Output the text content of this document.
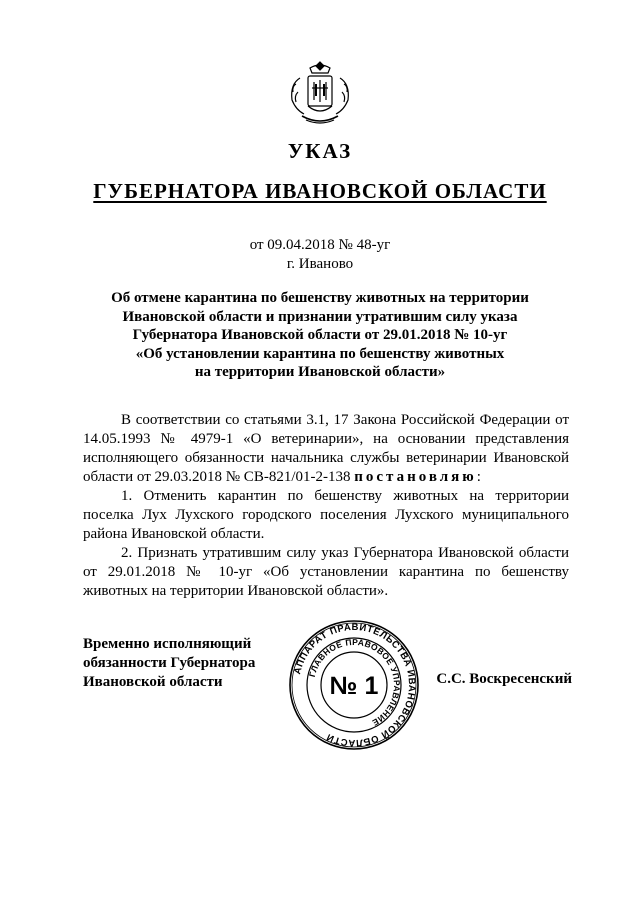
УКАЗ
ГУБЕРНАТОРА ИВАНОВСКОЙ ОБЛАСТИ
от 09.04.2018 № 48-уг
г. Иваново
Об отмене карантина по бешенству животных на территории
Ивановской области и признании утратившим силу указа
Губернатора Ивановской области от 29.01.2018 № 10-уг
«Об установлении карантина по бешенству животных
на территории Ивановской области»

В соответствии со статьями 3.1, 17 Закона Российской Федерации от 14.05.1993 № 4979-1 «О ветеринарии», на основании представления исполняющего обязанности начальника службы ветеринарии Ивановской области от 29.03.2018 № СВ-821/01-2-138 постановляю:

1. Отменить карантин по бешенству животных на территории поселка Лух Лухского городского поселения Лухского муниципального района Ивановской области.

2. Признать утратившим силу указ Губернатора Ивановской области от 29.01.2018 № 10-уг «Об установлении карантина по бешенству животных на территории Ивановской области».

Временно исполняющий
обязанности Губернатора
Ивановской области
АППАРАТ ПРАВИТЕЛЬСТВА ИВАНОВСКОЙ ОБЛАСТИ
ГЛАВНОЕ ПРАВОВОЕ УПРАВЛЕНИЕ
№ 1	С.С. Воскресенский
